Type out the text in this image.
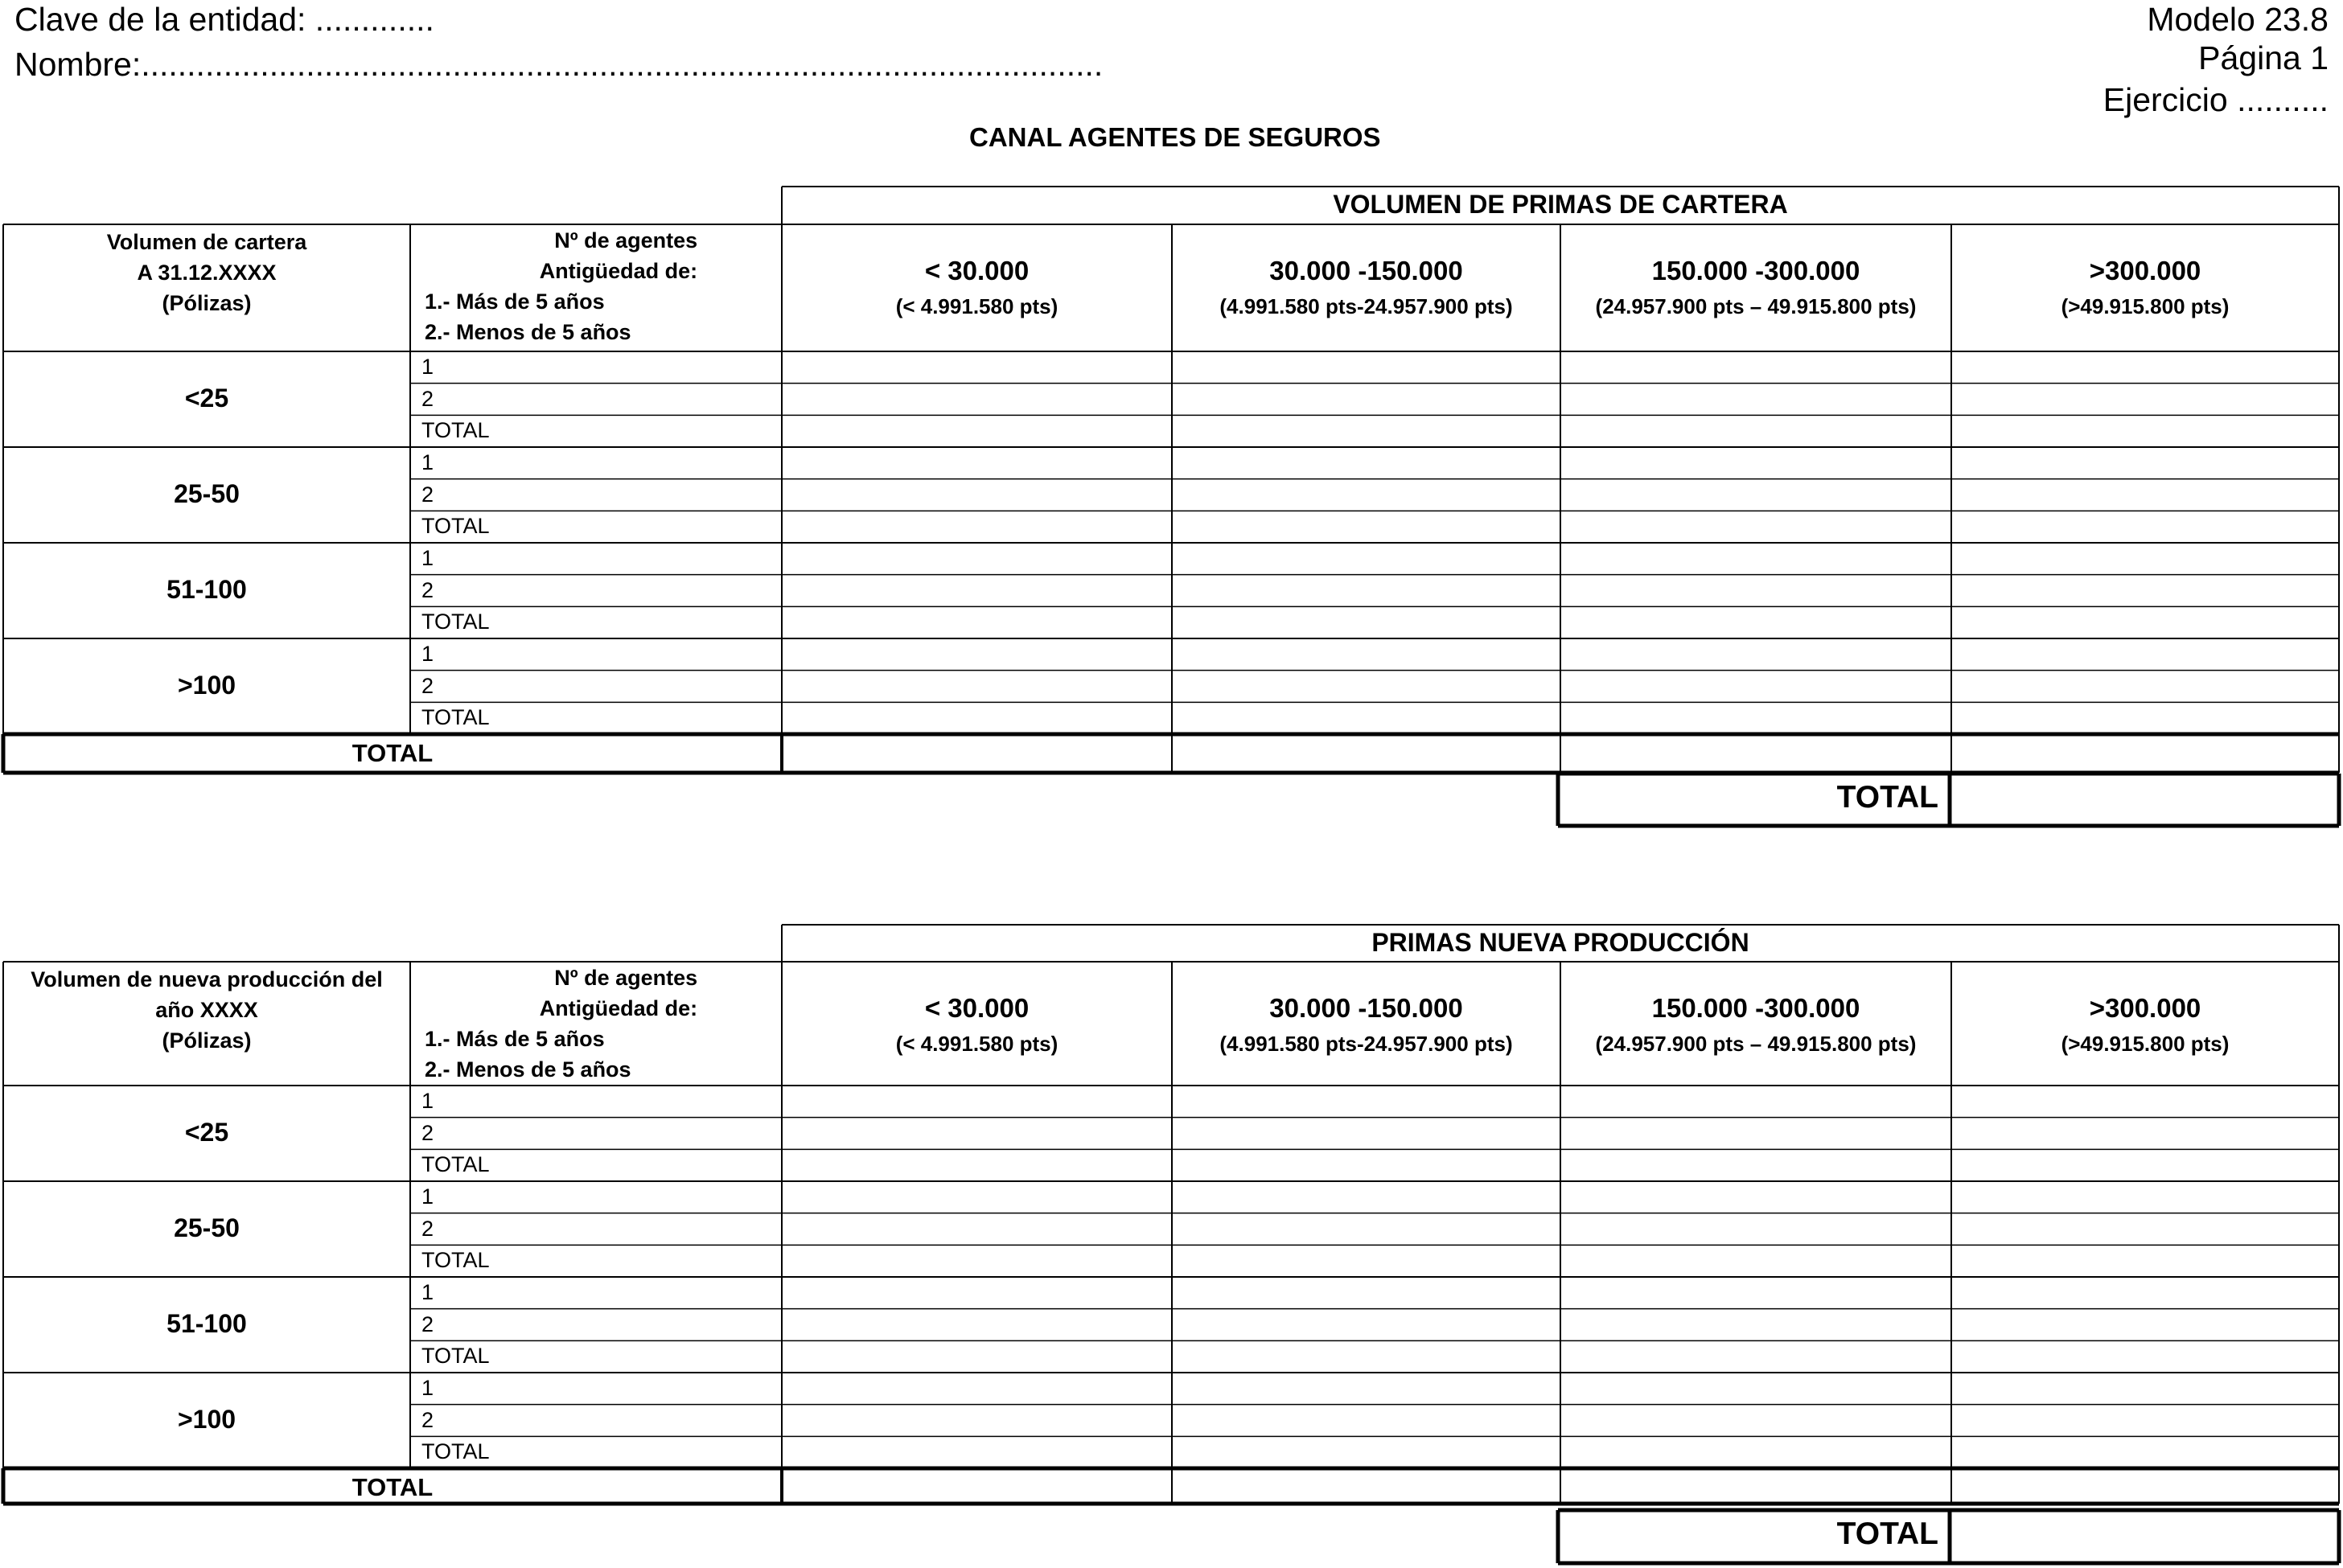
Clave de la entidad: .............
Nombre:.........................................................................................................
Modelo 23.8
Página 1
Ejercicio ..........
CANAL AGENTES DE SEGUROS
VOLUMEN DE PRIMAS DE CARTERA
Volumen de cartera
A 31.12.XXXX
(Pólizas)
Nº de agentes
Antigüedad de:
1.- Más de 5 años
2.- Menos de 5 años
< 30.000
(< 4.991.580 pts)
30.000 -150.000
(4.991.580 pts-24.957.900 pts)
150.000 -300.000
(24.957.900 pts – 49.915.800 pts)
>300.000
(>49.915.800 pts)
<25
1
2
TOTAL
25-50
1
2
TOTAL
51-100
1
2
TOTAL
>100
1
2
TOTAL
TOTAL
TOTAL
PRIMAS NUEVA PRODUCCIÓN
Volumen de nueva producción del
año XXXX
(Pólizas)
Nº de agentes
Antigüedad de:
1.- Más de 5 años
2.- Menos de 5 años
< 30.000
(< 4.991.580 pts)
30.000 -150.000
(4.991.580 pts-24.957.900 pts)
150.000 -300.000
(24.957.900 pts – 49.915.800 pts)
>300.000
(>49.915.800 pts)
<25
1
2
TOTAL
25-50
1
2
TOTAL
51-100
1
2
TOTAL
>100
1
2
TOTAL
TOTAL
TOTAL
